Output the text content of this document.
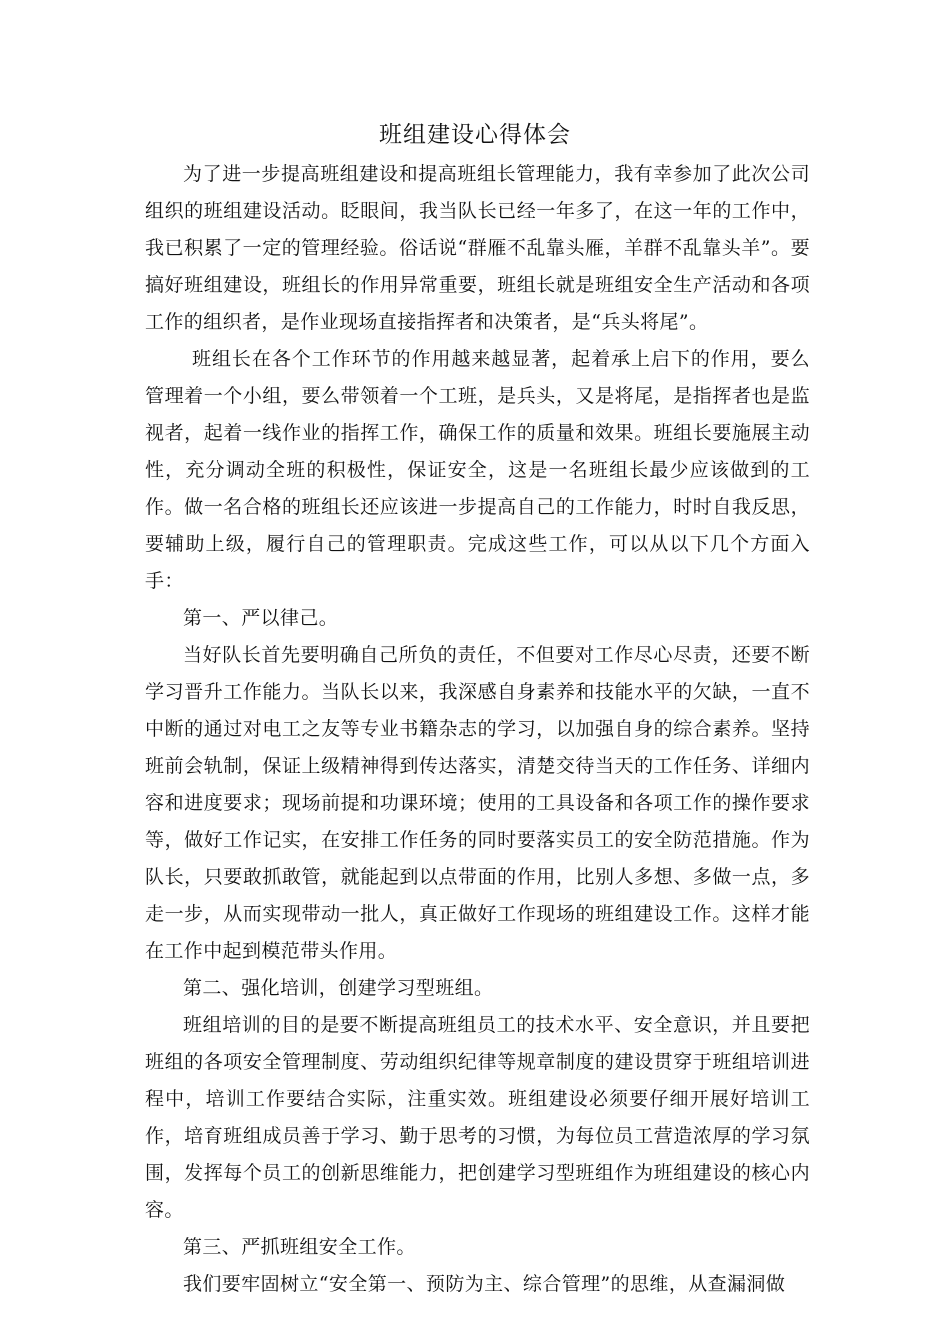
班组建设心得体会

为了进一步提高班组建设和提高班组长管理能力，我有幸参加了此次公司组织的班组建设活动。眨眼间，我当队长已经一年多了，在这一年的工作中，我已积累了一定的管理经验。俗话说“群雁不乱靠头雁，羊群不乱靠头羊”。要搞好班组建设，班组长的作用异常重要，班组长就是班组安全生产活动和各项工作的组织者，是作业现场直接指挥者和决策者，是“兵头将尾”。

班组长在各个工作环节的作用越来越显著，起着承上启下的作用，要么管理着一个小组，要么带领着一个工班，是兵头，又是将尾，是指挥者也是监视者，起着一线作业的指挥工作，确保工作的质量和效果。班组长要施展主动性，充分调动全班的积极性，保证安全，这是一名班组长最少应该做到的工作。做一名合格的班组长还应该进一步提高自己的工作能力，时时自我反思，要辅助上级，履行自己的管理职责。完成这些工作，可以从以下几个方面入手：

第一、严以律己。

当好队长首先要明确自己所负的责任，不但要对工作尽心尽责，还要不断学习晋升工作能力。当队长以来，我深感自身素养和技能水平的欠缺，一直不中断的通过对电工之友等专业书籍杂志的学习，以加强自身的综合素养。坚持班前会轨制，保证上级精神得到传达落实，清楚交待当天的工作任务、详细内容和进度要求；现场前提和功课环境；使用的工具设备和各项工作的操作要求等，做好工作记实，在安排工作任务的同时要落实员工的安全防范措施。作为队长，只要敢抓敢管，就能起到以点带面的作用，比别人多想、多做一点，多走一步，从而实现带动一批人，真正做好工作现场的班组建设工作。这样才能在工作中起到模范带头作用。

第二、强化培训，创建学习型班组。

班组培训的目的是要不断提高班组员工的技术水平、安全意识，并且要把班组的各项安全管理制度、劳动组织纪律等规章制度的建设贯穿于班组培训进程中，培训工作要结合实际，注重实效。班组建设必须要仔细开展好培训工作，培育班组成员善于学习、勤于思考的习惯，为每位员工营造浓厚的学习氛围，发挥每个员工的创新思维能力，把创建学习型班组作为班组建设的核心内容。

第三、严抓班组安全工作。

我们要牢固树立“安全第一、预防为主、综合管理”的思维，从查漏洞做
